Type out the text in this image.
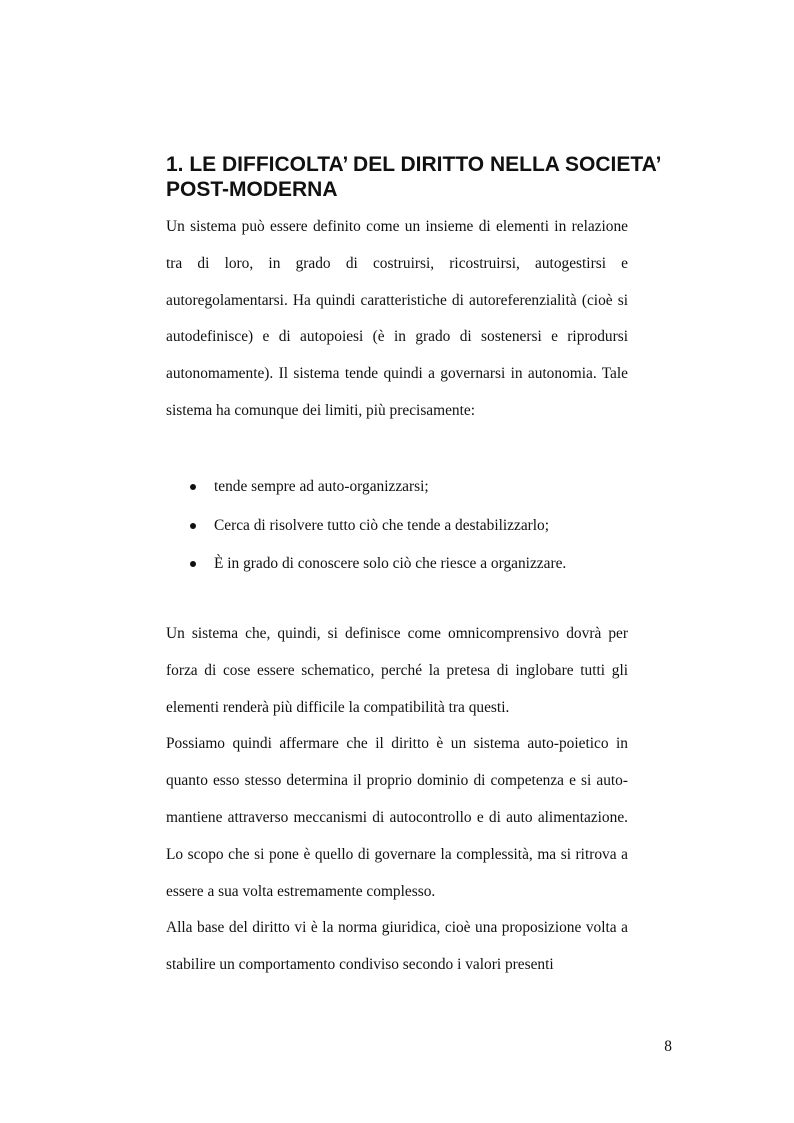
1. LE DIFFICOLTA’ DEL DIRITTO NELLA SOCIETA’ POST-MODERNA

Un sistema può essere definito come un insieme di elementi in relazione tra di loro, in grado di costruirsi, ricostruirsi, autogestirsi e autoregolamentarsi. Ha quindi caratteristiche di autoreferenzialità (cioè si autodefinisce) e di autopoiesi (è in grado di sostenersi e riprodursi autonomamente). Il sistema tende quindi a governarsi in autonomia. Tale sistema ha comunque dei limiti, più precisamente:

tende sempre ad auto-organizzarsi;
Cerca di risolvere tutto ciò che tende a destabilizzarlo;
È in grado di conoscere solo ciò che riesce a organizzare.

Un sistema che, quindi, si definisce come omnicomprensivo dovrà per forza di cose essere schematico, perché la pretesa di inglobare tutti gli elementi renderà più difficile la compatibilità tra questi.

Possiamo quindi affermare che il diritto è un sistema auto-poietico in quanto esso stesso determina il proprio dominio di competenza e si auto-mantiene attraverso meccanismi di autocontrollo e di auto alimentazione. Lo scopo che si pone è quello di governare la complessità, ma si ritrova a essere a sua volta estremamente complesso.

Alla base del diritto vi è la norma giuridica, cioè una proposizione volta a stabilire un comportamento condiviso secondo i valori presenti

8
